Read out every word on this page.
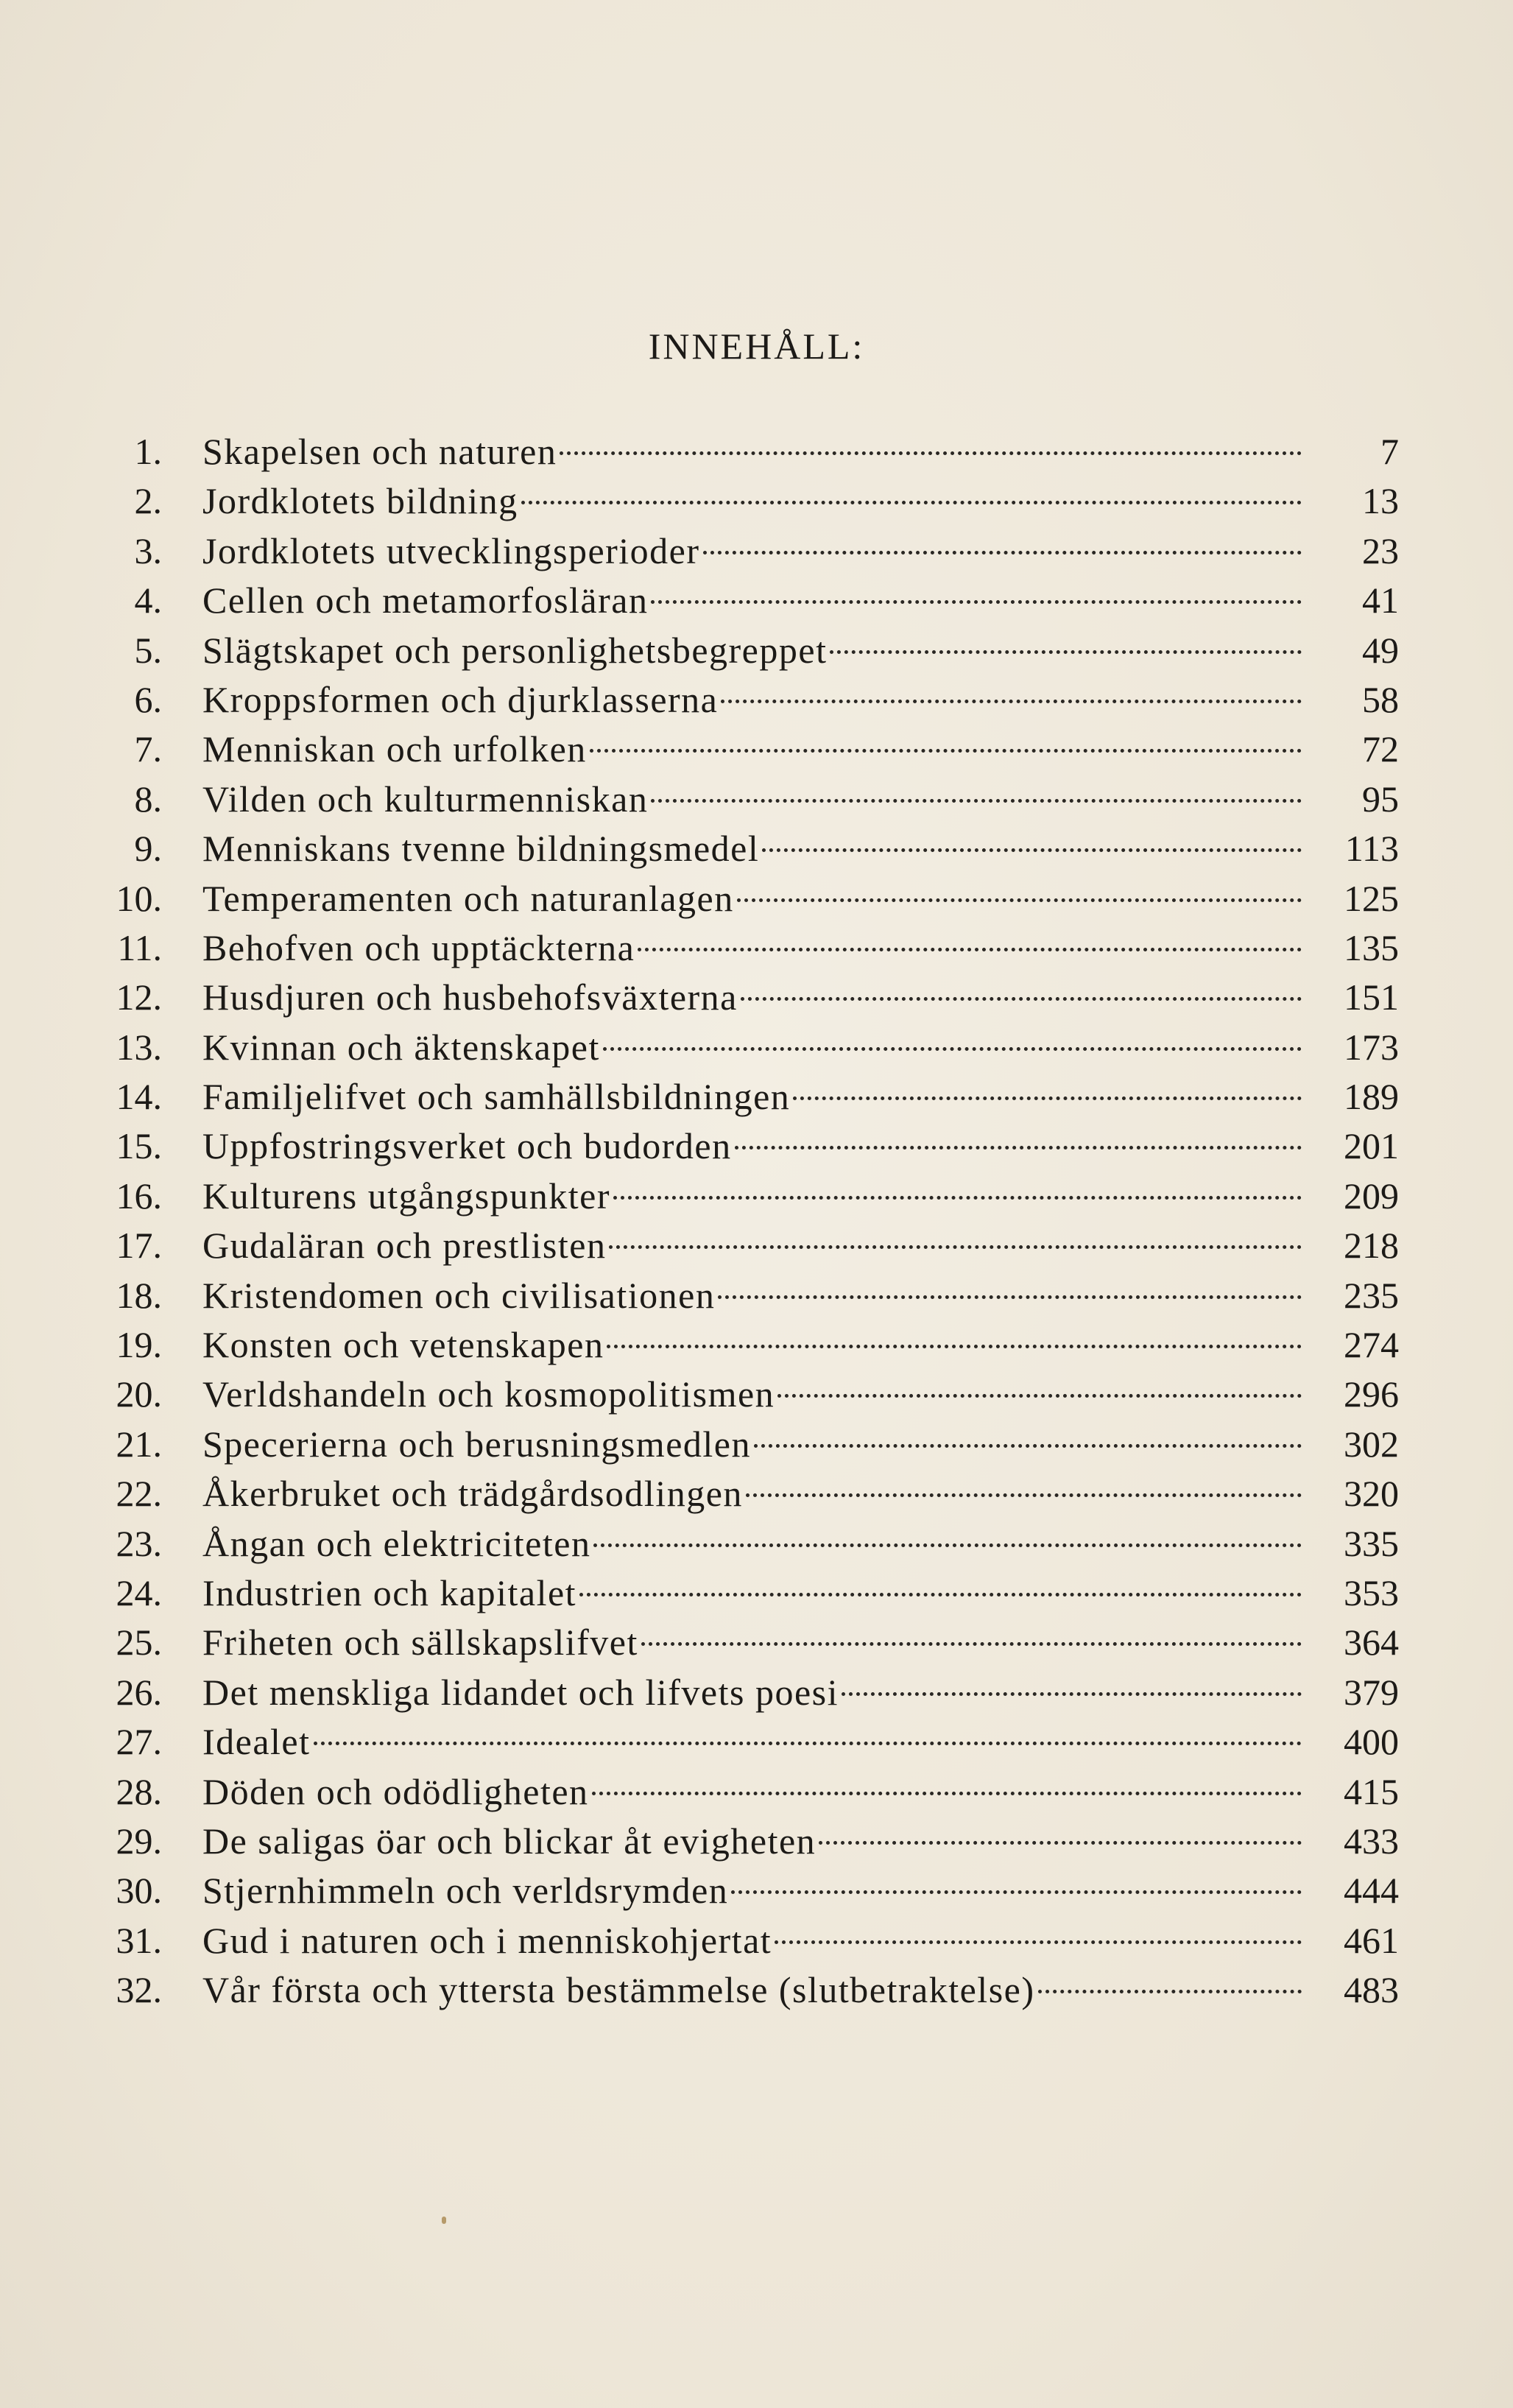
INNEHÅLL:
1.	Skapelsen och naturen	7
2.	Jordklotets bildning	13
3.	Jordklotets utvecklingsperioder	23
4.	Cellen och metamorfosläran	41
5.	Slägtskapet och personlighetsbegreppet	49
6.	Kroppsformen och djurklasserna	58
7.	Menniskan och urfolken	72
8.	Vilden och kulturmenniskan	95
9.	Menniskans tvenne bildningsmedel	113
10.	Temperamenten och naturanlagen	125
11.	Behofven och upptäckterna	135
12.	Husdjuren och husbehofsväxterna	151
13.	Kvinnan och äktenskapet	173
14.	Familjelifvet och samhällsbildningen	189
15.	Uppfostringsverket och budorden	201
16.	Kulturens utgångspunkter	209
17.	Gudaläran och prestlisten	218
18.	Kristendomen och civilisationen	235
19.	Konsten och vetenskapen	274
20.	Verldshandeln och kosmopolitismen	296
21.	Specerierna och berusningsmedlen	302
22.	Åkerbruket och trädgårdsodlingen	320
23.	Ångan och elektriciteten	335
24.	Industrien och kapitalet	353
25.	Friheten och sällskapslifvet	364
26.	Det menskliga lidandet och lifvets poesi	379
27.	Idealet	400
28.	Döden och odödligheten	415
29.	De saligas öar och blickar åt evigheten	433
30.	Stjernhimmeln och verldsrymden	444
31.	Gud i naturen och i menniskohjertat	461
32.	Vår första och yttersta bestämmelse (slutbetraktelse)	483
